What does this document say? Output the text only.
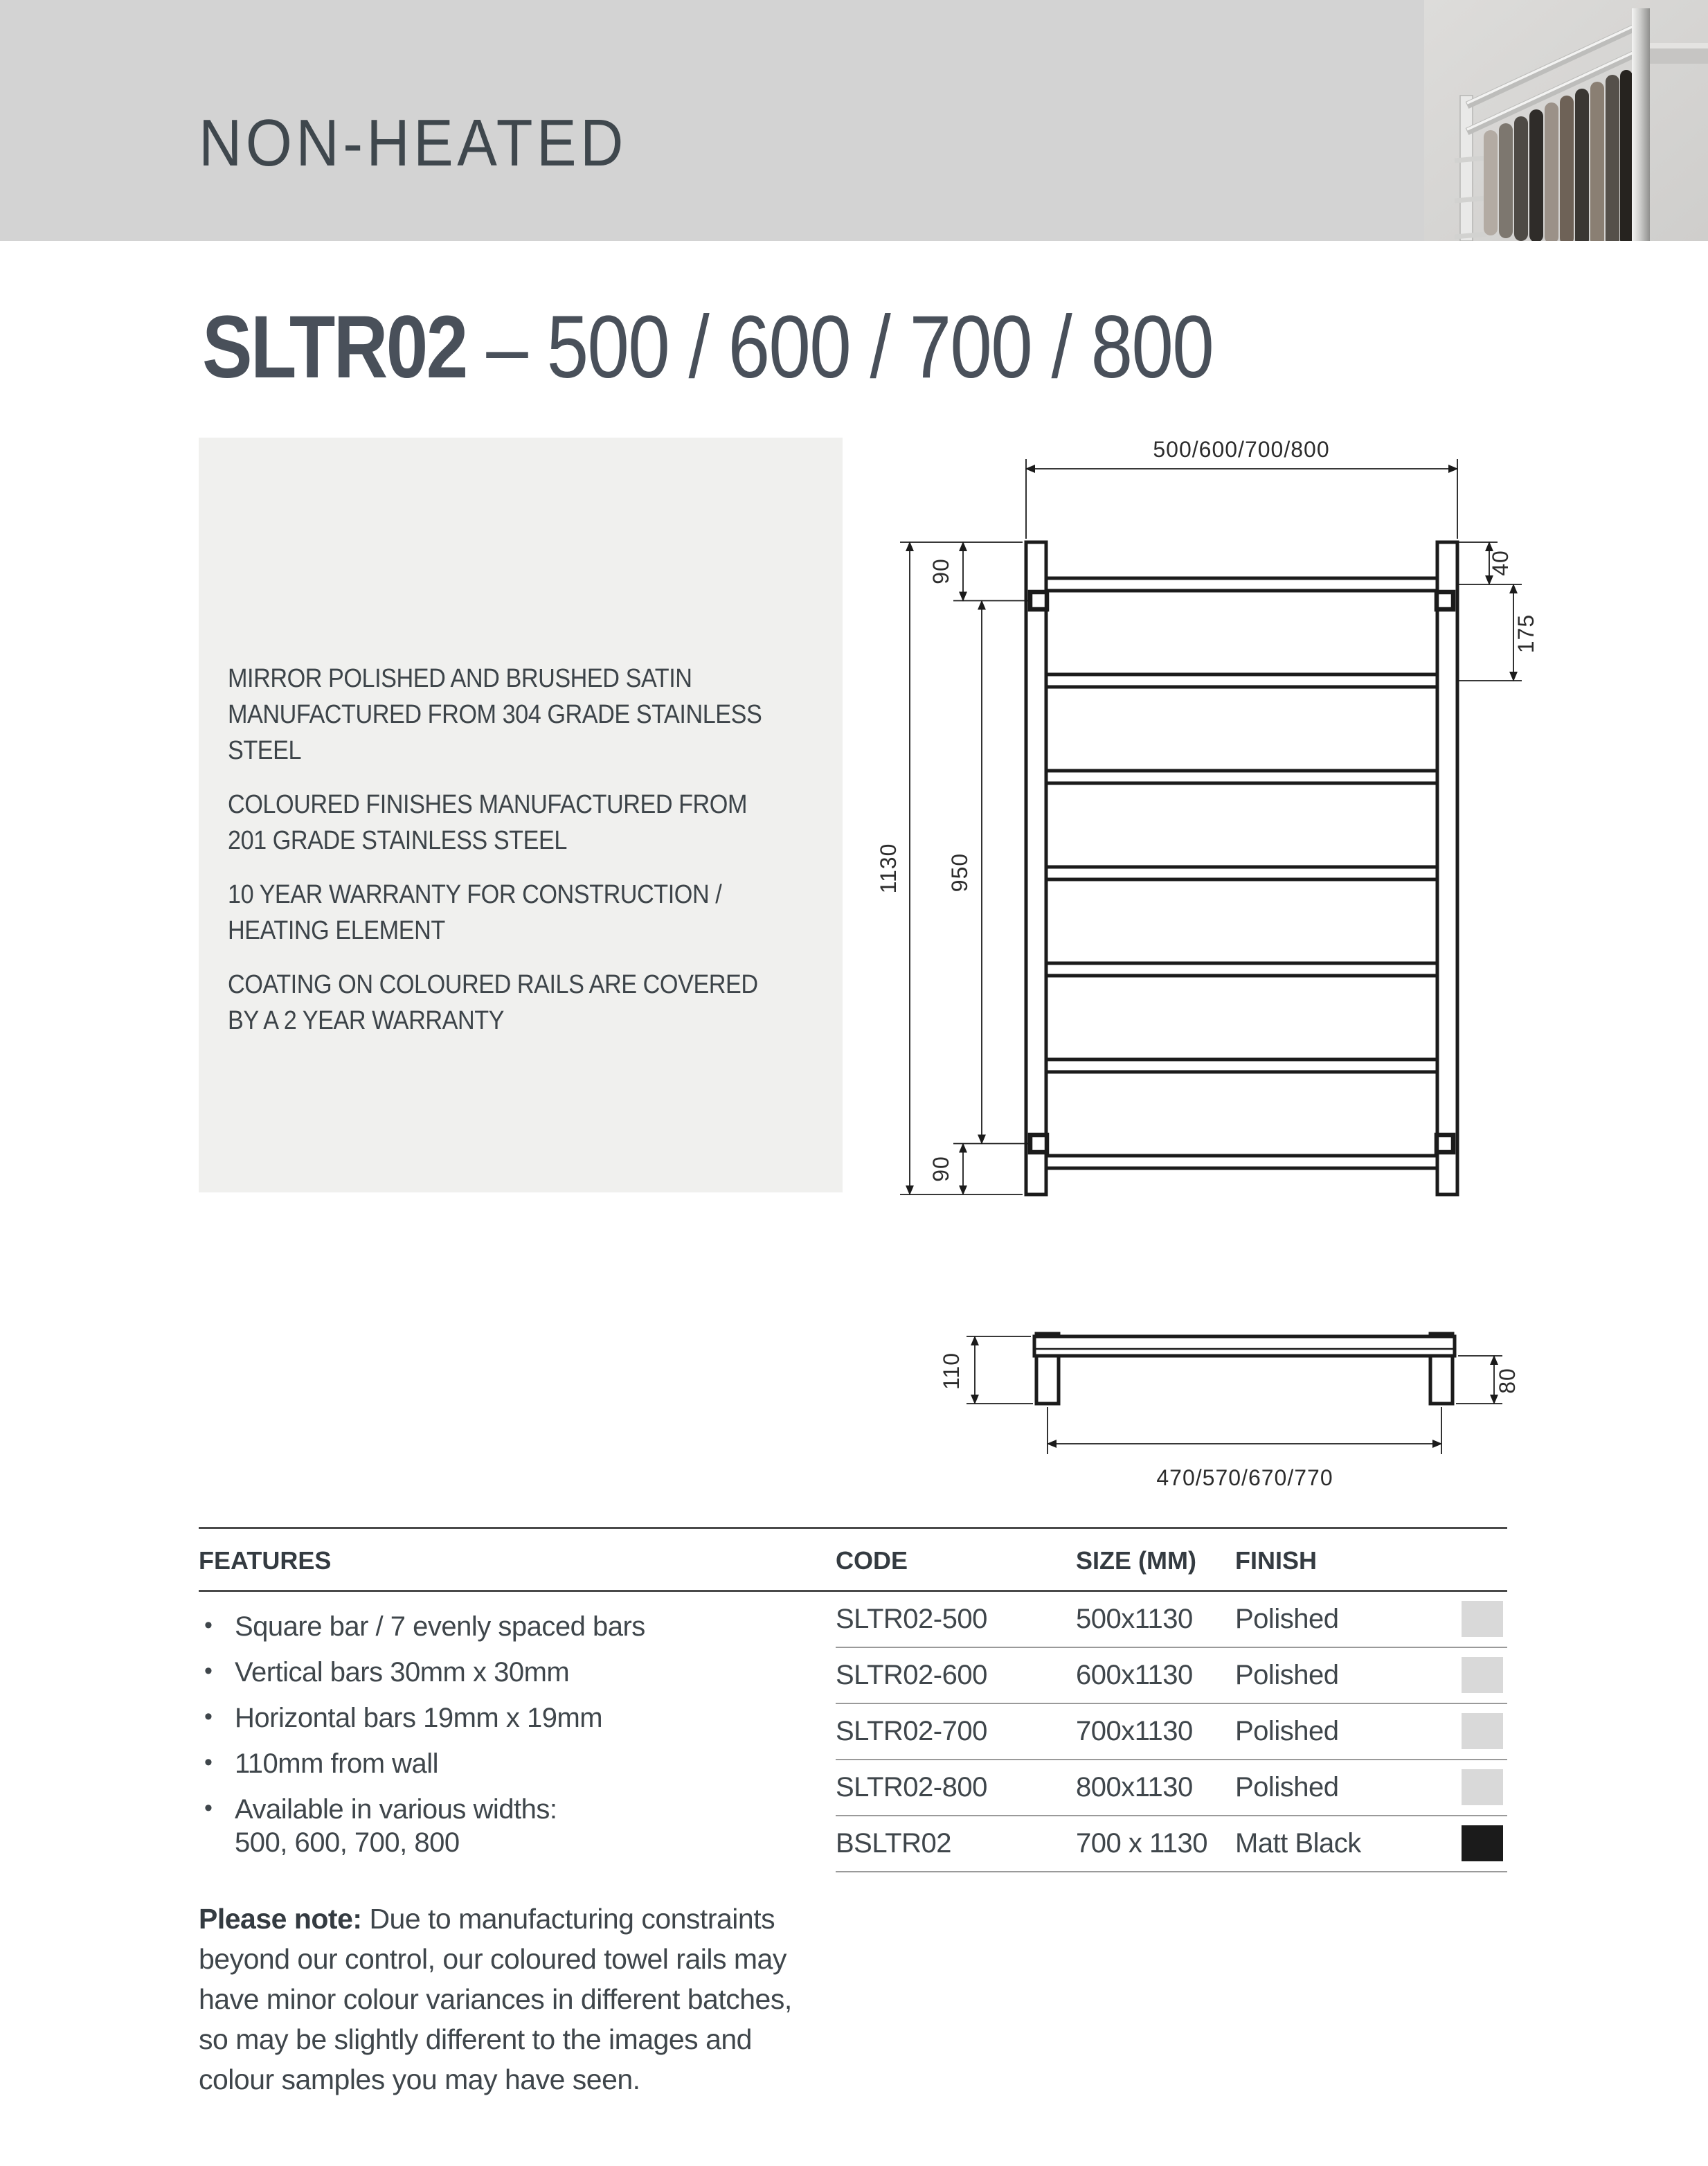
NON-HEATED
SLTR02 – 500 / 600 / 700 / 800

MIRROR POLISHED AND BRUSHED SATIN MANUFACTURED FROM 304 GRADE STAINLESS STEEL

COLOURED FINISHES MANUFACTURED FROM 201 GRADE STAINLESS STEEL

10 YEAR WARRANTY FOR CONSTRUCTION / HEATING ELEMENT

COATING ON COLOURED RAILS ARE COVERED BY A 2 YEAR WARRANTY

500/600/700/800
1130
90
950
90
40
175
110	80
470/570/670/770
FEATURES	CODE	SIZE (MM) FINISH
• Square bar / 7 evenly spaced bars
• Vertical bars 30mm x 30mm
• Horizontal bars 19mm x 19mm
• 110mm from wall
• Available in various widths:
500, 600, 700, 800
SLTR02-500	500x1130	Polished
SLTR02-600	600x1130	Polished
SLTR02-700	700x1130	Polished
SLTR02-800	800x1130	Polished
BSLTR02	700 x 1130	Matt Black

Please note: Due to manufacturing constraints beyond our control, our coloured towel rails may have minor colour variances in different batches, so may be slightly different to the images and colour samples you may have seen.
